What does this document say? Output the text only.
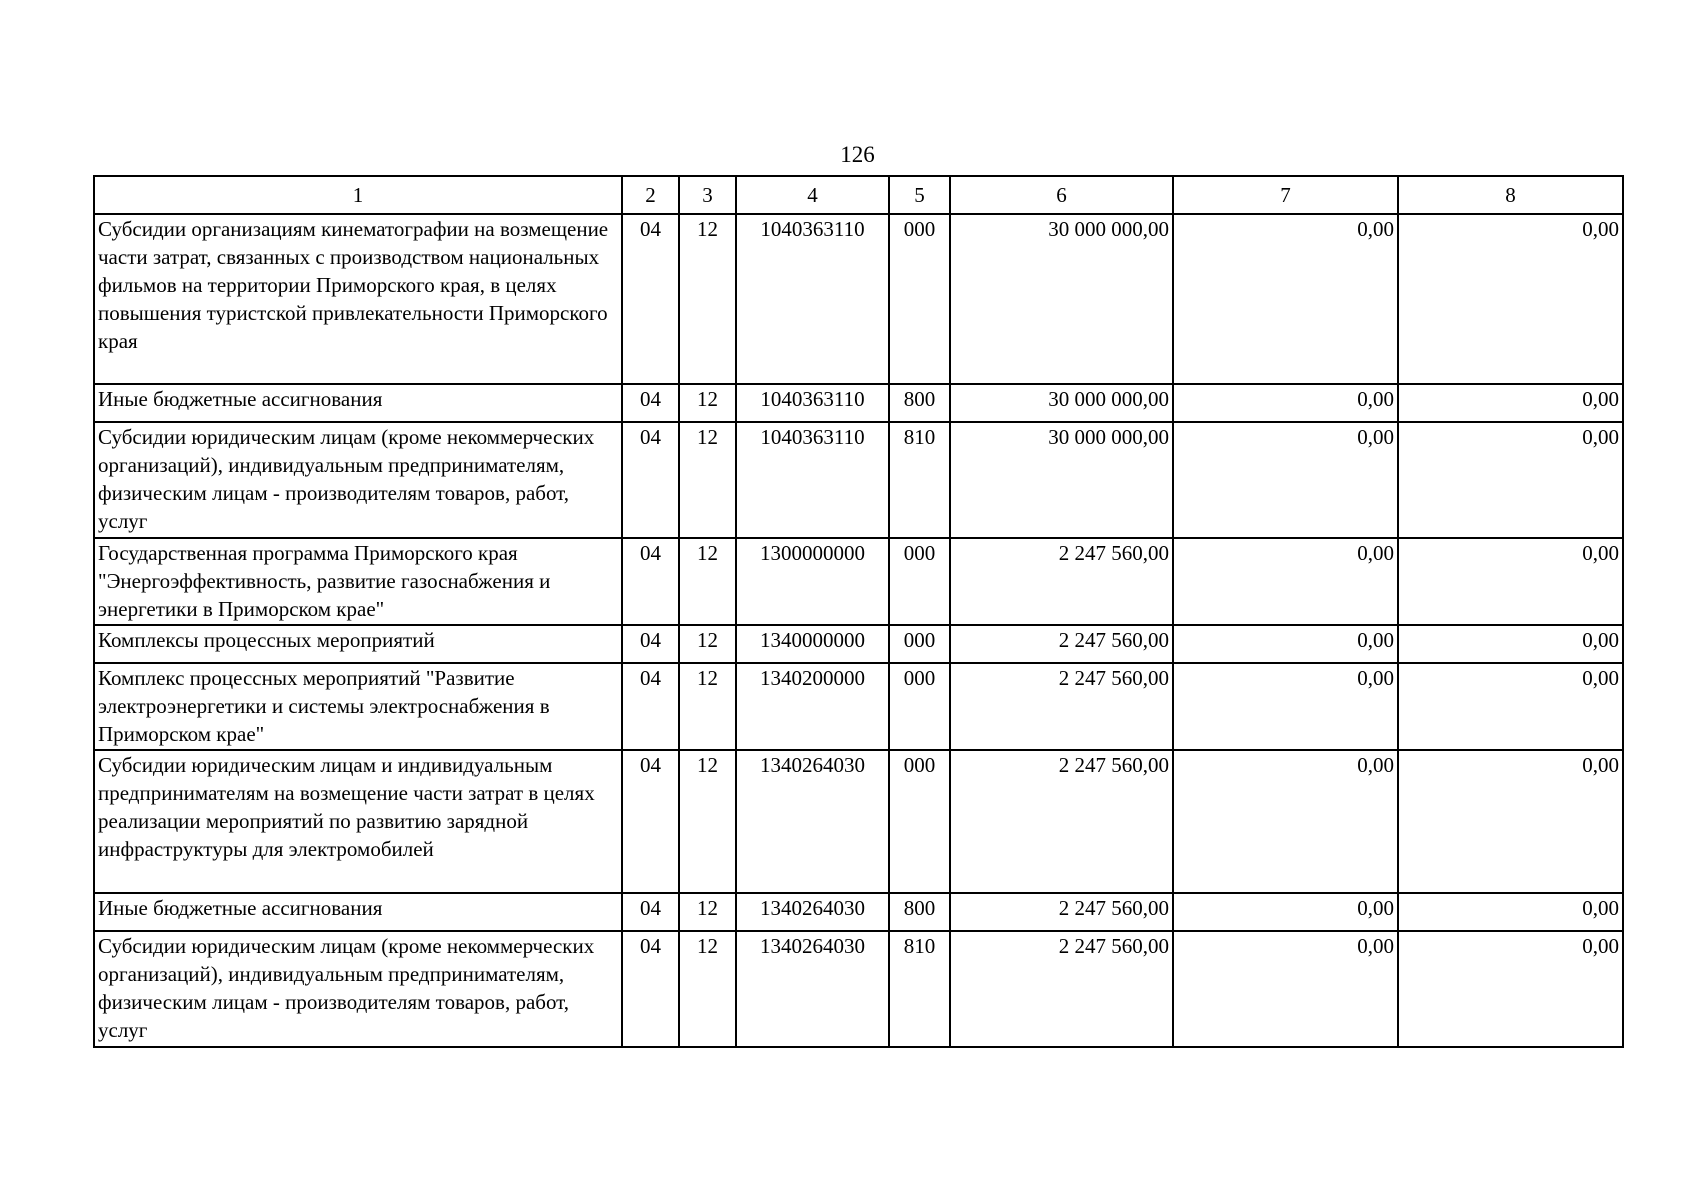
126
1	2	3	4	5	6	7	8
Субсидии организациям кинематографии на возмещение части затрат, связанных с производством национальных фильмов на территории Приморского края, в целях повышения туристской привлекательности Приморского края	04	12	1040363110	000	30 000 000,00	0,00	0,00
Иные бюджетные ассигнования	04	12	1040363110	800	30 000 000,00	0,00	0,00
Субсидии юридическим лицам (кроме некоммерческих организаций), индивидуальным предпринимателям, физическим лицам - производителям товаров, работ, услуг	04	12	1040363110	810	30 000 000,00	0,00	0,00
Государственная программа Приморского края "Энергоэффективность, развитие газоснабжения и энергетики в Приморском крае"	04	12	1300000000	000	2 247 560,00	0,00	0,00
Комплексы процессных мероприятий	04	12	1340000000	000	2 247 560,00	0,00	0,00
Комплекс процессных мероприятий "Развитие электроэнергетики и системы электроснабжения в Приморском крае"	04	12	1340200000	000	2 247 560,00	0,00	0,00
Субсидии юридическим лицам и индивидуальным предпринимателям на возмещение части затрат в целях реализации мероприятий по развитию зарядной инфраструктуры для электромобилей	04	12	1340264030	000	2 247 560,00	0,00	0,00
Иные бюджетные ассигнования	04	12	1340264030	800	2 247 560,00	0,00	0,00
Субсидии юридическим лицам (кроме некоммерческих организаций), индивидуальным предпринимателям, физическим лицам - производителям товаров, работ, услуг	04	12	1340264030	810	2 247 560,00	0,00	0,00
